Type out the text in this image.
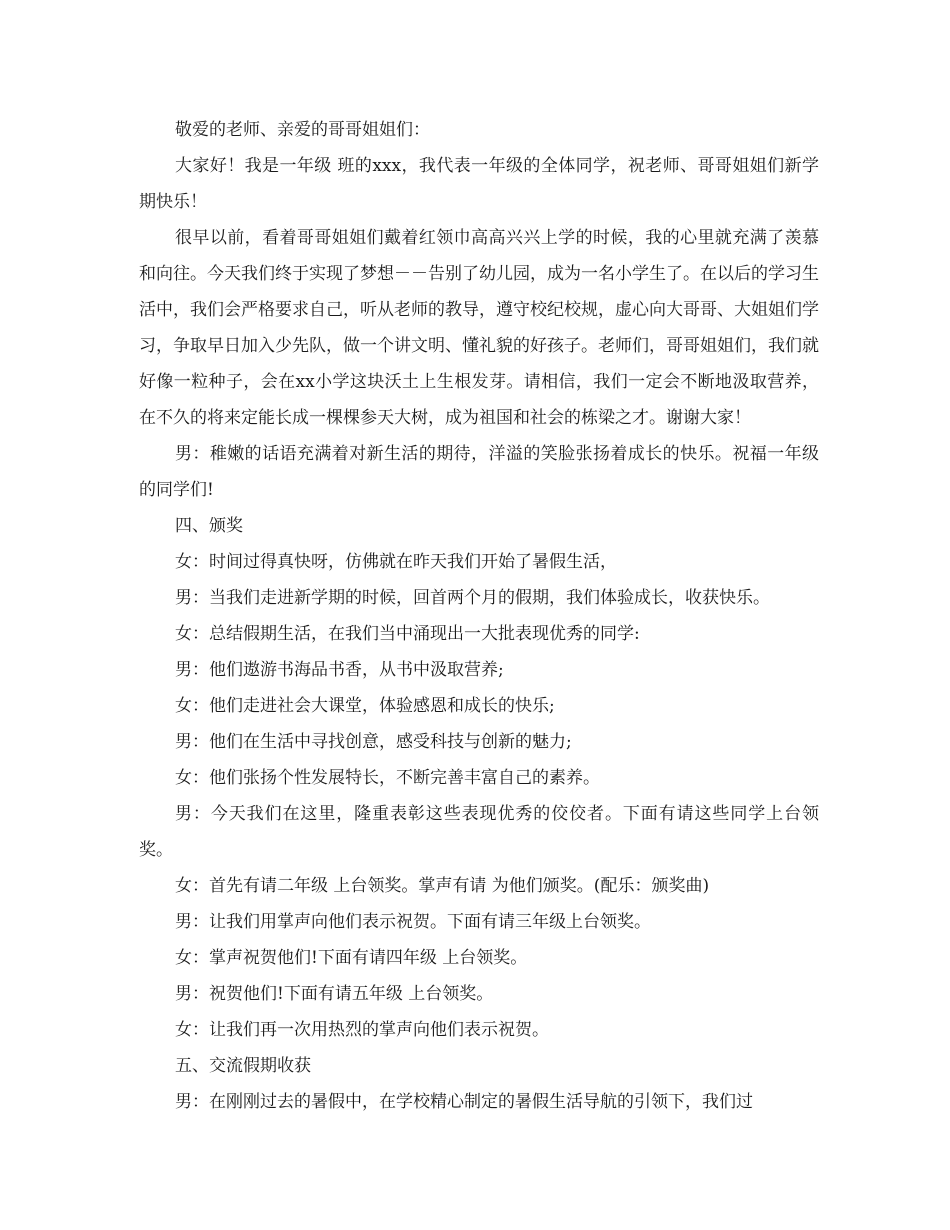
敬爱的老师、亲爱的哥哥姐姐们：

大家好！我是一年级 班的xxx，我代表一年级的全体同学，祝老师、哥哥姐姐们新学期快乐！

很早以前，看着哥哥姐姐们戴着红领巾高高兴兴上学的时候，我的心里就充满了羡慕和向往。今天我们终于实现了梦想－－告别了幼儿园，成为一名小学生了。在以后的学习生活中，我们会严格要求自己，听从老师的教导，遵守校纪校规，虚心向大哥哥、大姐姐们学习，争取早日加入少先队，做一个讲文明、懂礼貌的好孩子。老师们，哥哥姐姐们，我们就好像一粒种子，会在xx小学这块沃土上生根发芽。请相信，我们一定会不断地汲取营养，在不久的将来定能长成一棵棵参天大树，成为祖国和社会的栋梁之才。谢谢大家！

男：稚嫩的话语充满着对新生活的期待，洋溢的笑脸张扬着成长的快乐。祝福一年级的同学们!

四、颁奖

女：时间过得真快呀，仿佛就在昨天我们开始了暑假生活，

男：当我们走进新学期的时候，回首两个月的假期，我们体验成长，收获快乐。

女：总结假期生活，在我们当中涌现出一大批表现优秀的同学:

男：他们遨游书海品书香，从书中汲取营养;

女：他们走进社会大课堂，体验感恩和成长的快乐;

男：他们在生活中寻找创意，感受科技与创新的魅力;

女：他们张扬个性发展特长，不断完善丰富自己的素养。

男：今天我们在这里，隆重表彰这些表现优秀的佼佼者。下面有请这些同学上台领奖。

女：首先有请二年级 上台领奖。掌声有请 为他们颁奖。(配乐：颁奖曲)

男：让我们用掌声向他们表示祝贺。下面有请三年级上台领奖。

女：掌声祝贺他们!下面有请四年级 上台领奖。

男：祝贺他们!下面有请五年级 上台领奖。

女：让我们再一次用热烈的掌声向他们表示祝贺。

五、交流假期收获

男：在刚刚过去的暑假中，在学校精心制定的暑假生活导航的引领下，我们过
